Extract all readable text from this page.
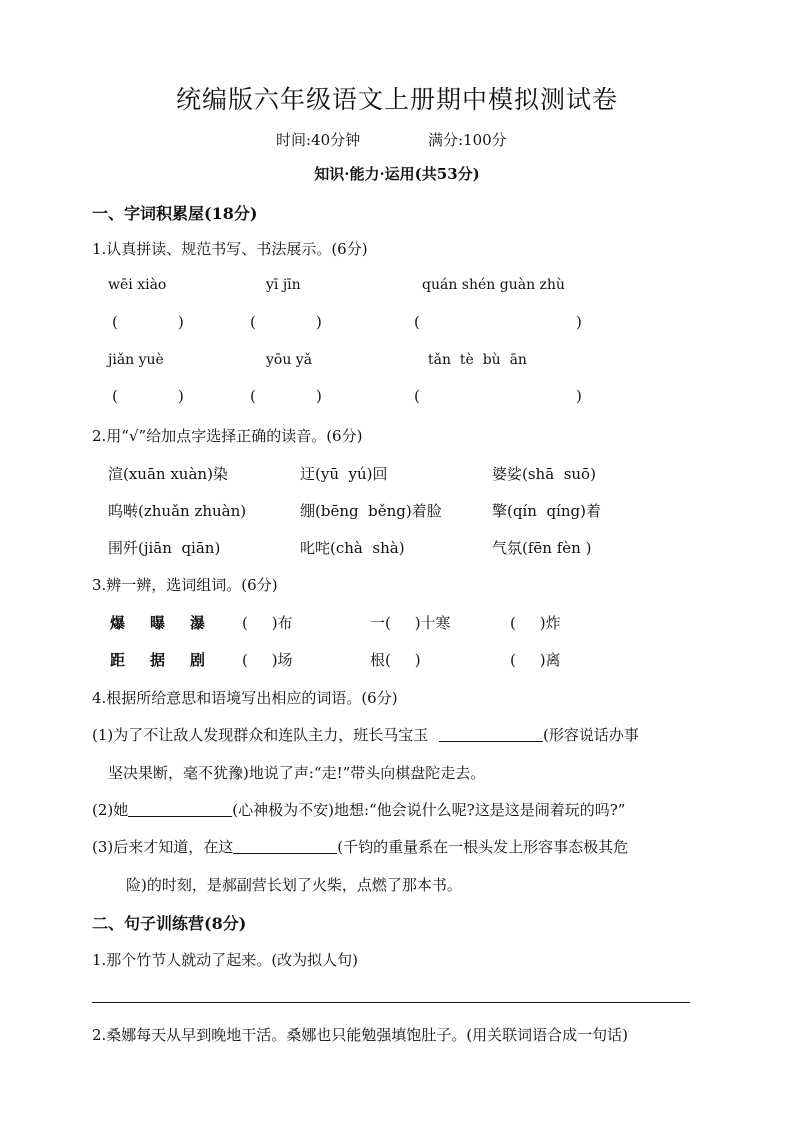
统编版六年级语文上册期中模拟测试卷
时间:40分钟	满分:100分
知识·能力·运用(共53分)
一、字词积累屋(18分)
1.认真拼读、规范书写、书法展示。(6分)
wēi xiào	yī jīn	quán shén guàn zhù
(	)	(	)	(	)
jiǎn yuè	yōu yǎ	tǎn  tè  bù  ān
(	)	(	)	(	)
2.用“√”给加点字选择正确的读音。(6分)
渲(xuān xuàn)染	迂(yū  yú)回	婆娑(shā  suō)
呜啭(zhuǎn zhuàn)	绷(bēng  běng)着脸	擎(qín  qíng)着
围歼(jiān  qiān)	叱咤(chà  shà)	气氛(fēn fèn )
3.辨一辨，选词组词。(6分)
爆 曝 瀑 (     )布	一(     )十寒	(     )炸
距 据 剧 (     )场	根(     )	(     )离
4.根据所给意思和语境写出相应的词语。(6分)
(1)为了不让敌人发现群众和连队主力，班长马宝玉	(形容说话办事
坚决果断，毫不犹豫)地说了声:“走!”带头向棋盘陀走去。
(2)她	(心神极为不安)地想:“他会说什么呢?这是这是闹着玩的吗?”
(3)后来才知道，在这	(千钧的重量系在一根头发上形容事态极其危
险)的时刻，是郝副营长划了火柴，点燃了那本书。
二、句子训练营(8分)
1.那个竹节人就动了起来。(改为拟人句)
2.桑娜每天从早到晚地干活。桑娜也只能勉强填饱肚子。(用关联词语合成一句话)
